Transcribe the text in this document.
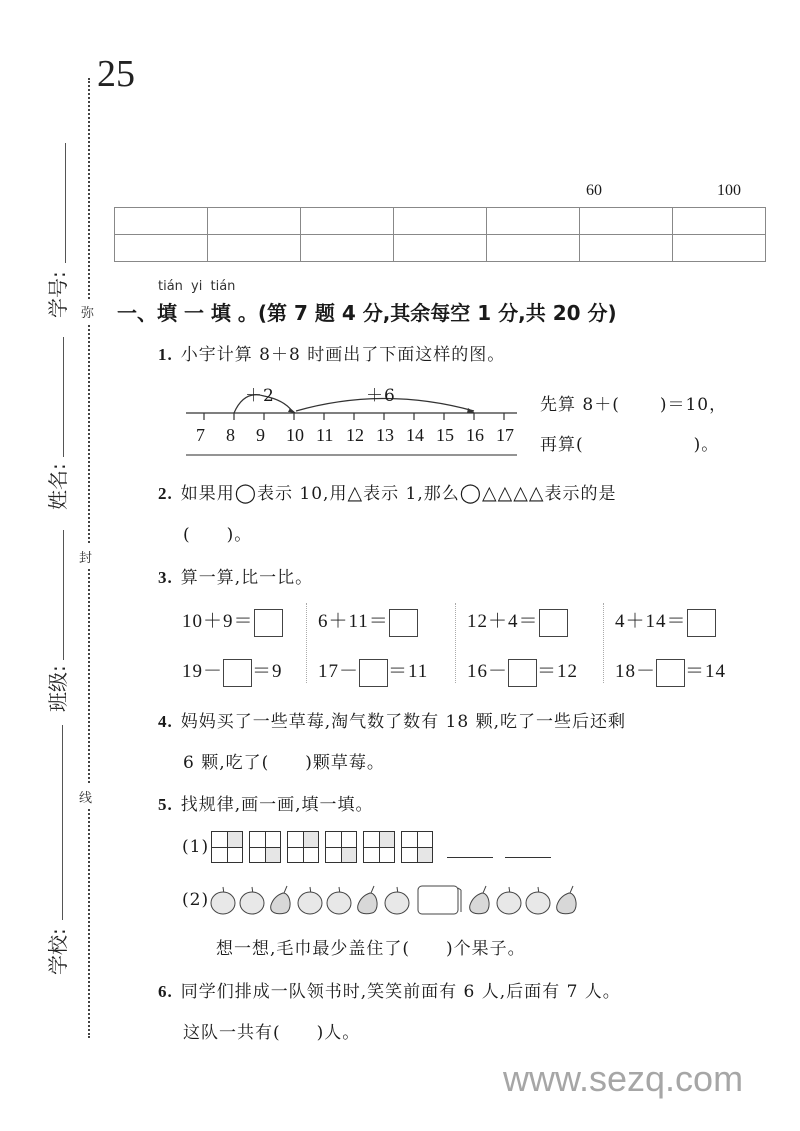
25
弥
封
线
学号:
姓名:
班级:
学校:
60	100

tián yi tián
一、填 一 填 。(第 7 题 4 分,其余每空 1 分,共 20 分)
1. 小宇计算 8＋8 时画出了下面这样的图。
＋2	＋6
7	8	9	10 11 12 13 14 15 16 17
先算 8＋( )＝10，
再算(	)。
2. 如果用◯表示 10,用△表示 1,那么◯△△△△表示的是
(　　)。
3. 算一算,比一比。
10＋9＝	6＋11＝	12＋4＝	4＋14＝
19－ ＝9 17－ ＝11 16－ ＝12 18－ ＝14
4. 妈妈买了一些草莓,淘气数了数有 18 颗,吃了一些后还剩
6 颗,吃了(　　)颗草莓。
5. 找规律,画一画,填一填。
(1)
(2)
想一想,毛巾最少盖住了(　　)个果子。
6. 同学们排成一队领书时,笑笑前面有 6 人,后面有 7 人。
这队一共有(　　)人。
www.sezq.com
